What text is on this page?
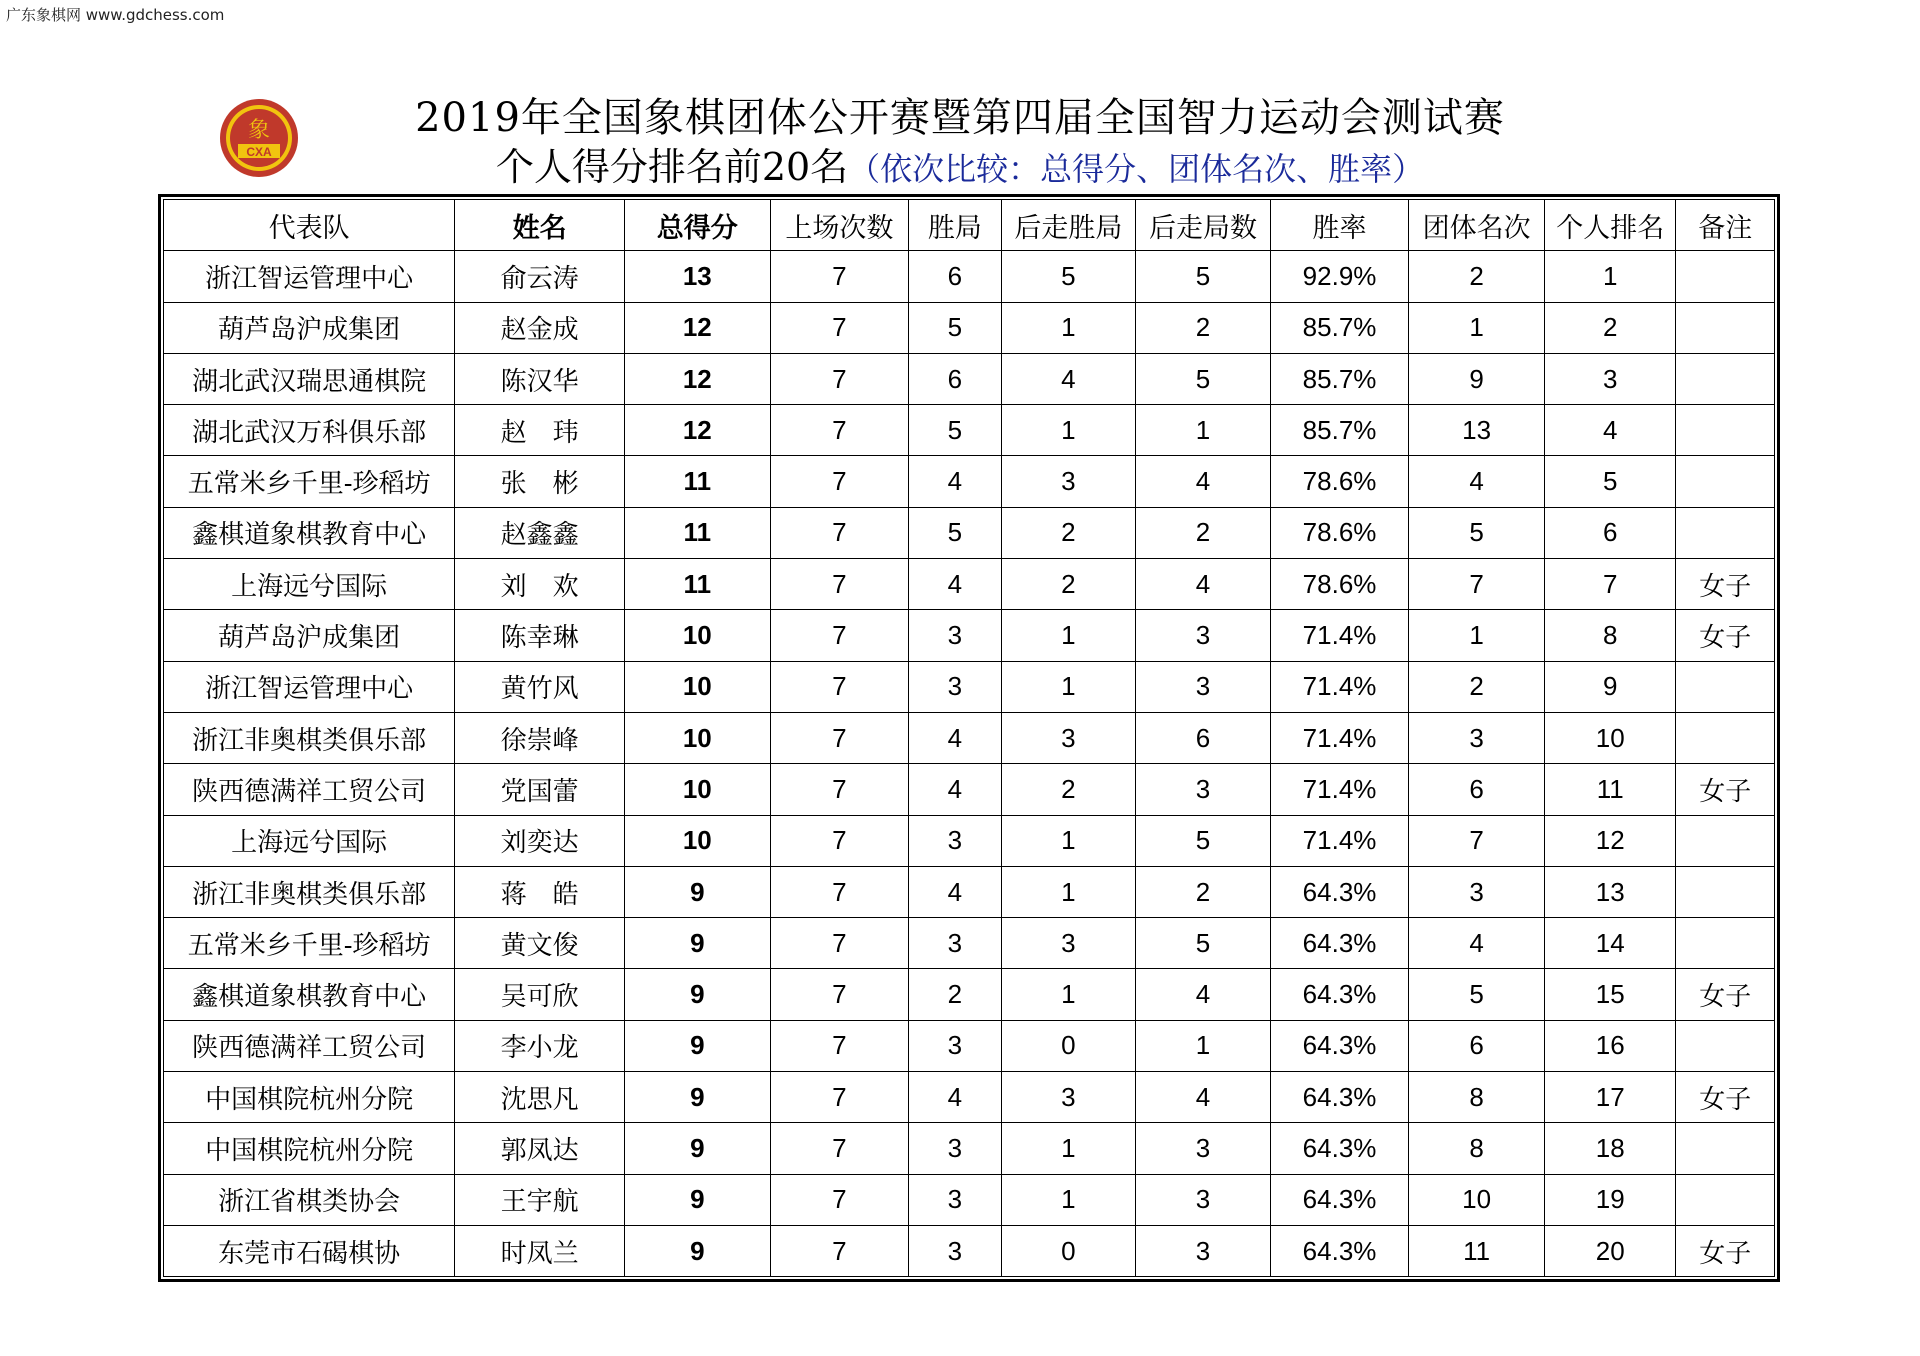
广东象棋网 www.gdchess.com
象
CXA
2019年全国象棋团体公开赛暨第四届全国智力运动会测试赛
个人得分排名前20名（依次比较：总得分、团体名次、胜率）
代表队	姓名	总得分	上场次数	胜局	后走胜局	后走局数	胜率	团体名次	个人排名	备注
浙江智运管理中心	俞云涛	13	7	6	5	5	92.9%	2	1	
葫芦岛沪成集团	赵金成	12	7	5	1	2	85.7%	1	2	
湖北武汉瑞思通棋院	陈汉华	12	7	6	4	5	85.7%	9	3	
湖北武汉万科俱乐部	赵　玮	12	7	5	1	1	85.7%	13	4	
五常米乡千里-珍稻坊	张　彬	11	7	4	3	4	78.6%	4	5	
鑫棋道象棋教育中心	赵鑫鑫	11	7	5	2	2	78.6%	5	6	
上海远兮国际	刘　欢	11	7	4	2	4	78.6%	7	7	女子
葫芦岛沪成集团	陈幸琳	10	7	3	1	3	71.4%	1	8	女子
浙江智运管理中心	黄竹风	10	7	3	1	3	71.4%	2	9	
浙江非奥棋类俱乐部	徐崇峰	10	7	4	3	6	71.4%	3	10	
陕西德满祥工贸公司	党国蕾	10	7	4	2	3	71.4%	6	11	女子
上海远兮国际	刘奕达	10	7	3	1	5	71.4%	7	12	
浙江非奥棋类俱乐部	蒋　皓	9	7	4	1	2	64.3%	3	13	
五常米乡千里-珍稻坊	黄文俊	9	7	3	3	5	64.3%	4	14	
鑫棋道象棋教育中心	吴可欣	9	7	2	1	4	64.3%	5	15	女子
陕西德满祥工贸公司	李小龙	9	7	3	0	1	64.3%	6	16	
中国棋院杭州分院	沈思凡	9	7	4	3	4	64.3%	8	17	女子
中国棋院杭州分院	郭凤达	9	7	3	1	3	64.3%	8	18	
浙江省棋类协会	王宇航	9	7	3	1	3	64.3%	10	19	
东莞市石碣棋协	时凤兰	9	7	3	0	3	64.3%	11	20	女子
